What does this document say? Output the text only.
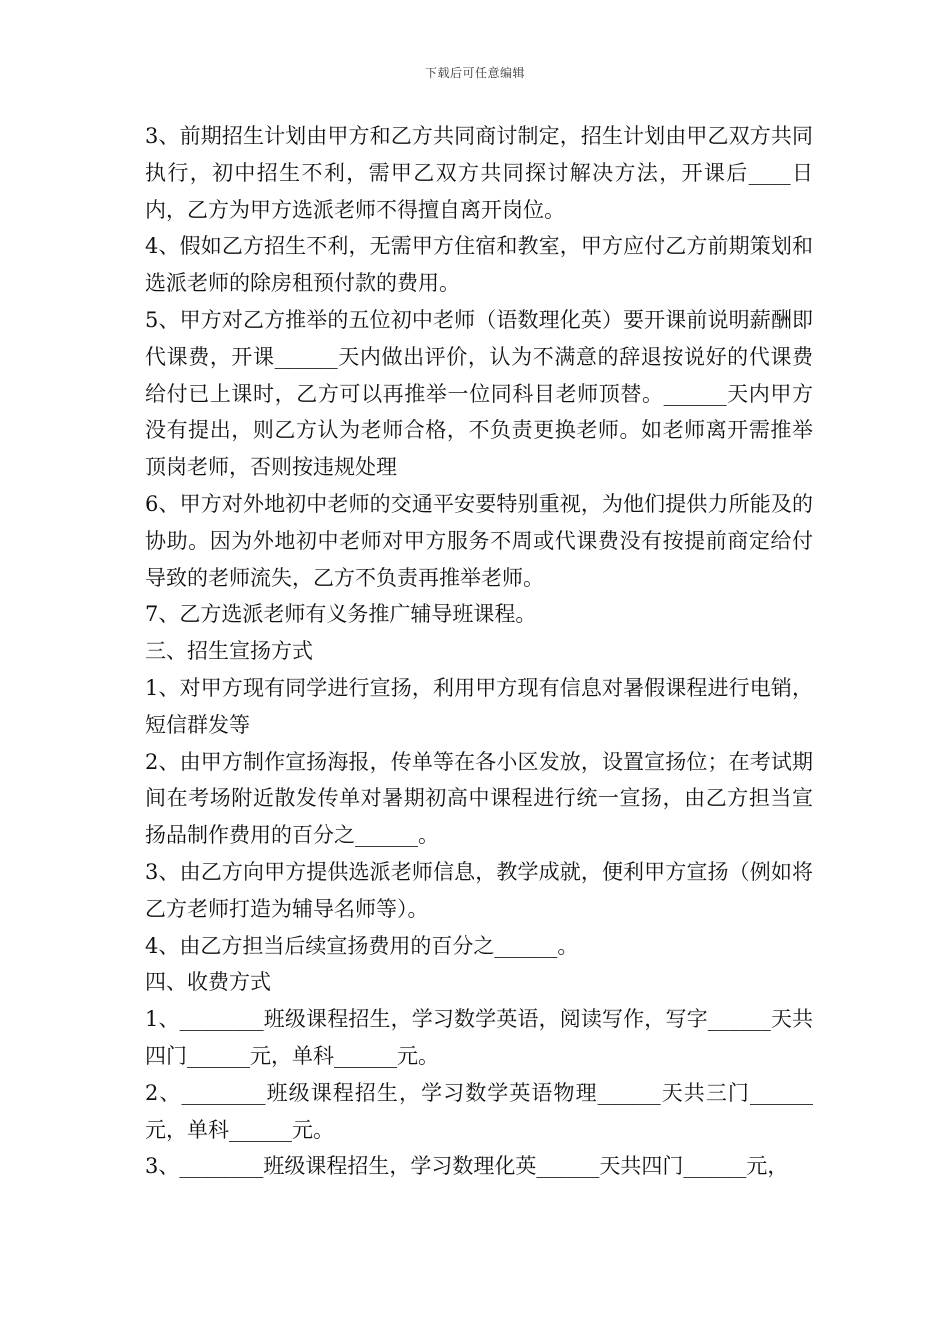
下载后可任意编辑

3、前期招生计划由甲方和乙方共同商讨制定，招生计划由甲乙双方共同执行，初中招生不利，需甲乙双方共同探讨解决方法，开课后____日内，乙方为甲方选派老师不得擅自离开岗位。

4、假如乙方招生不利，无需甲方住宿和教室，甲方应付乙方前期策划和选派老师的除房租预付款的费用。

5、甲方对乙方推举的五位初中老师（语数理化英）要开课前说明薪酬即代课费，开课______天内做出评价，认为不满意的辞退按说好的代课费给付已上课时，乙方可以再推举一位同科目老师顶替。______天内甲方没有提出，则乙方认为老师合格，不负责更换老师。如老师离开需推举顶岗老师，否则按违规处理

6、甲方对外地初中老师的交通平安要特别重视，为他们提供力所能及的协助。因为外地初中老师对甲方服务不周或代课费没有按提前商定给付导致的老师流失，乙方不负责再推举老师。

7、乙方选派老师有义务推广辅导班课程。

三、招生宣扬方式

1、对甲方现有同学进行宣扬，利用甲方现有信息对暑假课程进行电销，短信群发等

2、由甲方制作宣扬海报，传单等在各小区发放，设置宣扬位；在考试期间在考场附近散发传单对暑期初高中课程进行统一宣扬，由乙方担当宣扬品制作费用的百分之______。

3、由乙方向甲方提供选派老师信息，教学成就，便利甲方宣扬（例如将乙方老师打造为辅导名师等）。

4、由乙方担当后续宣扬费用的百分之______。

四、收费方式

1、________班级课程招生，学习数学英语，阅读写作，写字______天共四门______元，单科______元。

2、________班级课程招生，学习数学英语物理______天共三门______元，单科______元。

3、________班级课程招生，学习数理化英______天共四门______元，
